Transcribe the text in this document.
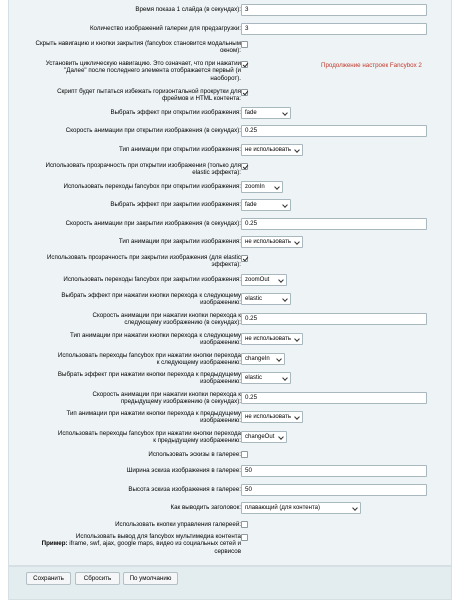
Время показа 1 слайда (в секундах): 3
Количество изображений галереи для предзагрузки: 3
Скрыть навигацию и кнопки закрытия (fancybox становится модальным окном):
Установить циклическую навигацию. Это означает, что при нажатии "Далее" после последнего элемента отображается первый (и наоборот).
Продолжение настроек Fancybox 2
Скрипт будет пытаться избежать горизонтальной прокрутки для фреймов и HTML контента:
Выбрать эффект при открытии изображения: fade
Скорость анимации при открытии изображения (в секундах): 0.25
Тип анимации при открытии изображения: не использовать
Использовать прозрачность при открытии изображения (только для elastic эффекта):
Использовать переходы fancybox при открытии изображения: zoomIn
Выбрать эффект при закрытии изображения: fade
Скорость анимации при закрытии изображения (в секундах): 0.25
Тип анимации при закрытии изображения: не использовать
Использовать прозрачность при закрытии изображения (для elastic эффекта):
Использовать переходы fancybox при закрытии изображения: zoomOut
Выбрать эффект при нажатии кнопки перехода к следующему изображению:
elastic
Скорость анимации при нажатии кнопки перехода к следующему изображению (в секундах):
0.25
Тип анимации при нажатии кнопки перехода к следующему изображению:
не использовать
Использовать переходы fancybox при нажатии кнопки перехода к следующему изображению:
changeIn
Выбрать эффект при нажатии кнопки перехода к предыдущему изображению:
elastic
Скорость анимации при нажатии кнопки перехода к предыдущему изображению (в секундах):
0.25
Тип анимации при нажатии кнопки перехода к предыдущему изображению:
не использовать
Использовать переходы fancybox при нажатии кнопки перехода к предыдущему изображению:
changeOut
Использовать эскизы в галерее:
Ширина эскиза изображения в галерее: 50
Высота эскиза изображения в галерее: 50
Как выводить заголовок: плавающий (для контента)
Использовать кнопки управления галереей:
Использовать вывод для fancybox мультимедиа контента
Пример: iframe, swf, ajax, google maps, видео из социальных сетей и сервисов
Сохранить	Сбросить	По умолчанию
